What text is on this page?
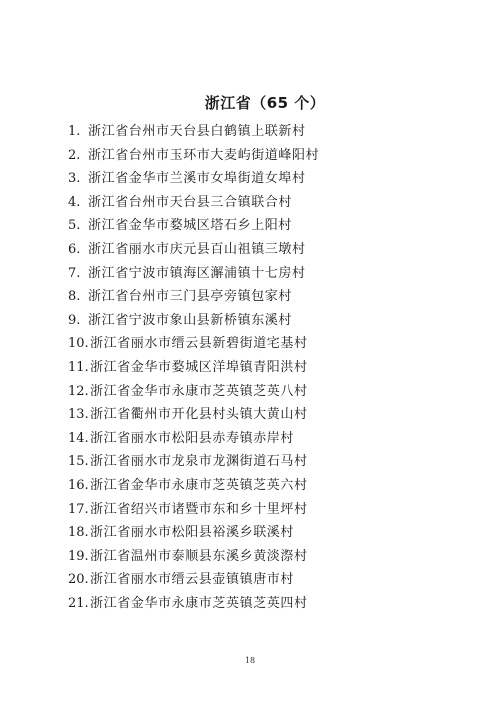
浙江省（65 个）
1. 浙江省台州市天台县白鹤镇上联新村
2. 浙江省台州市玉环市大麦屿街道峰阳村
3. 浙江省金华市兰溪市女埠街道女埠村
4. 浙江省台州市天台县三合镇联合村
5. 浙江省金华市婺城区塔石乡上阳村
6. 浙江省丽水市庆元县百山祖镇三墩村
7. 浙江省宁波市镇海区澥浦镇十七房村
8. 浙江省台州市三门县亭旁镇包家村
9. 浙江省宁波市象山县新桥镇东溪村
10.浙江省丽水市缙云县新碧街道宅基村
11.浙江省金华市婺城区洋埠镇青阳洪村
12.浙江省金华市永康市芝英镇芝英八村
13.浙江省衢州市开化县村头镇大黄山村
14.浙江省丽水市松阳县赤寿镇赤岸村
15.浙江省丽水市龙泉市龙渊街道石马村
16.浙江省金华市永康市芝英镇芝英六村
17.浙江省绍兴市诸暨市东和乡十里坪村
18.浙江省丽水市松阳县裕溪乡联溪村
19.浙江省温州市泰顺县东溪乡黄淡漈村
20.浙江省丽水市缙云县壶镇镇唐市村
21.浙江省金华市永康市芝英镇芝英四村
18
